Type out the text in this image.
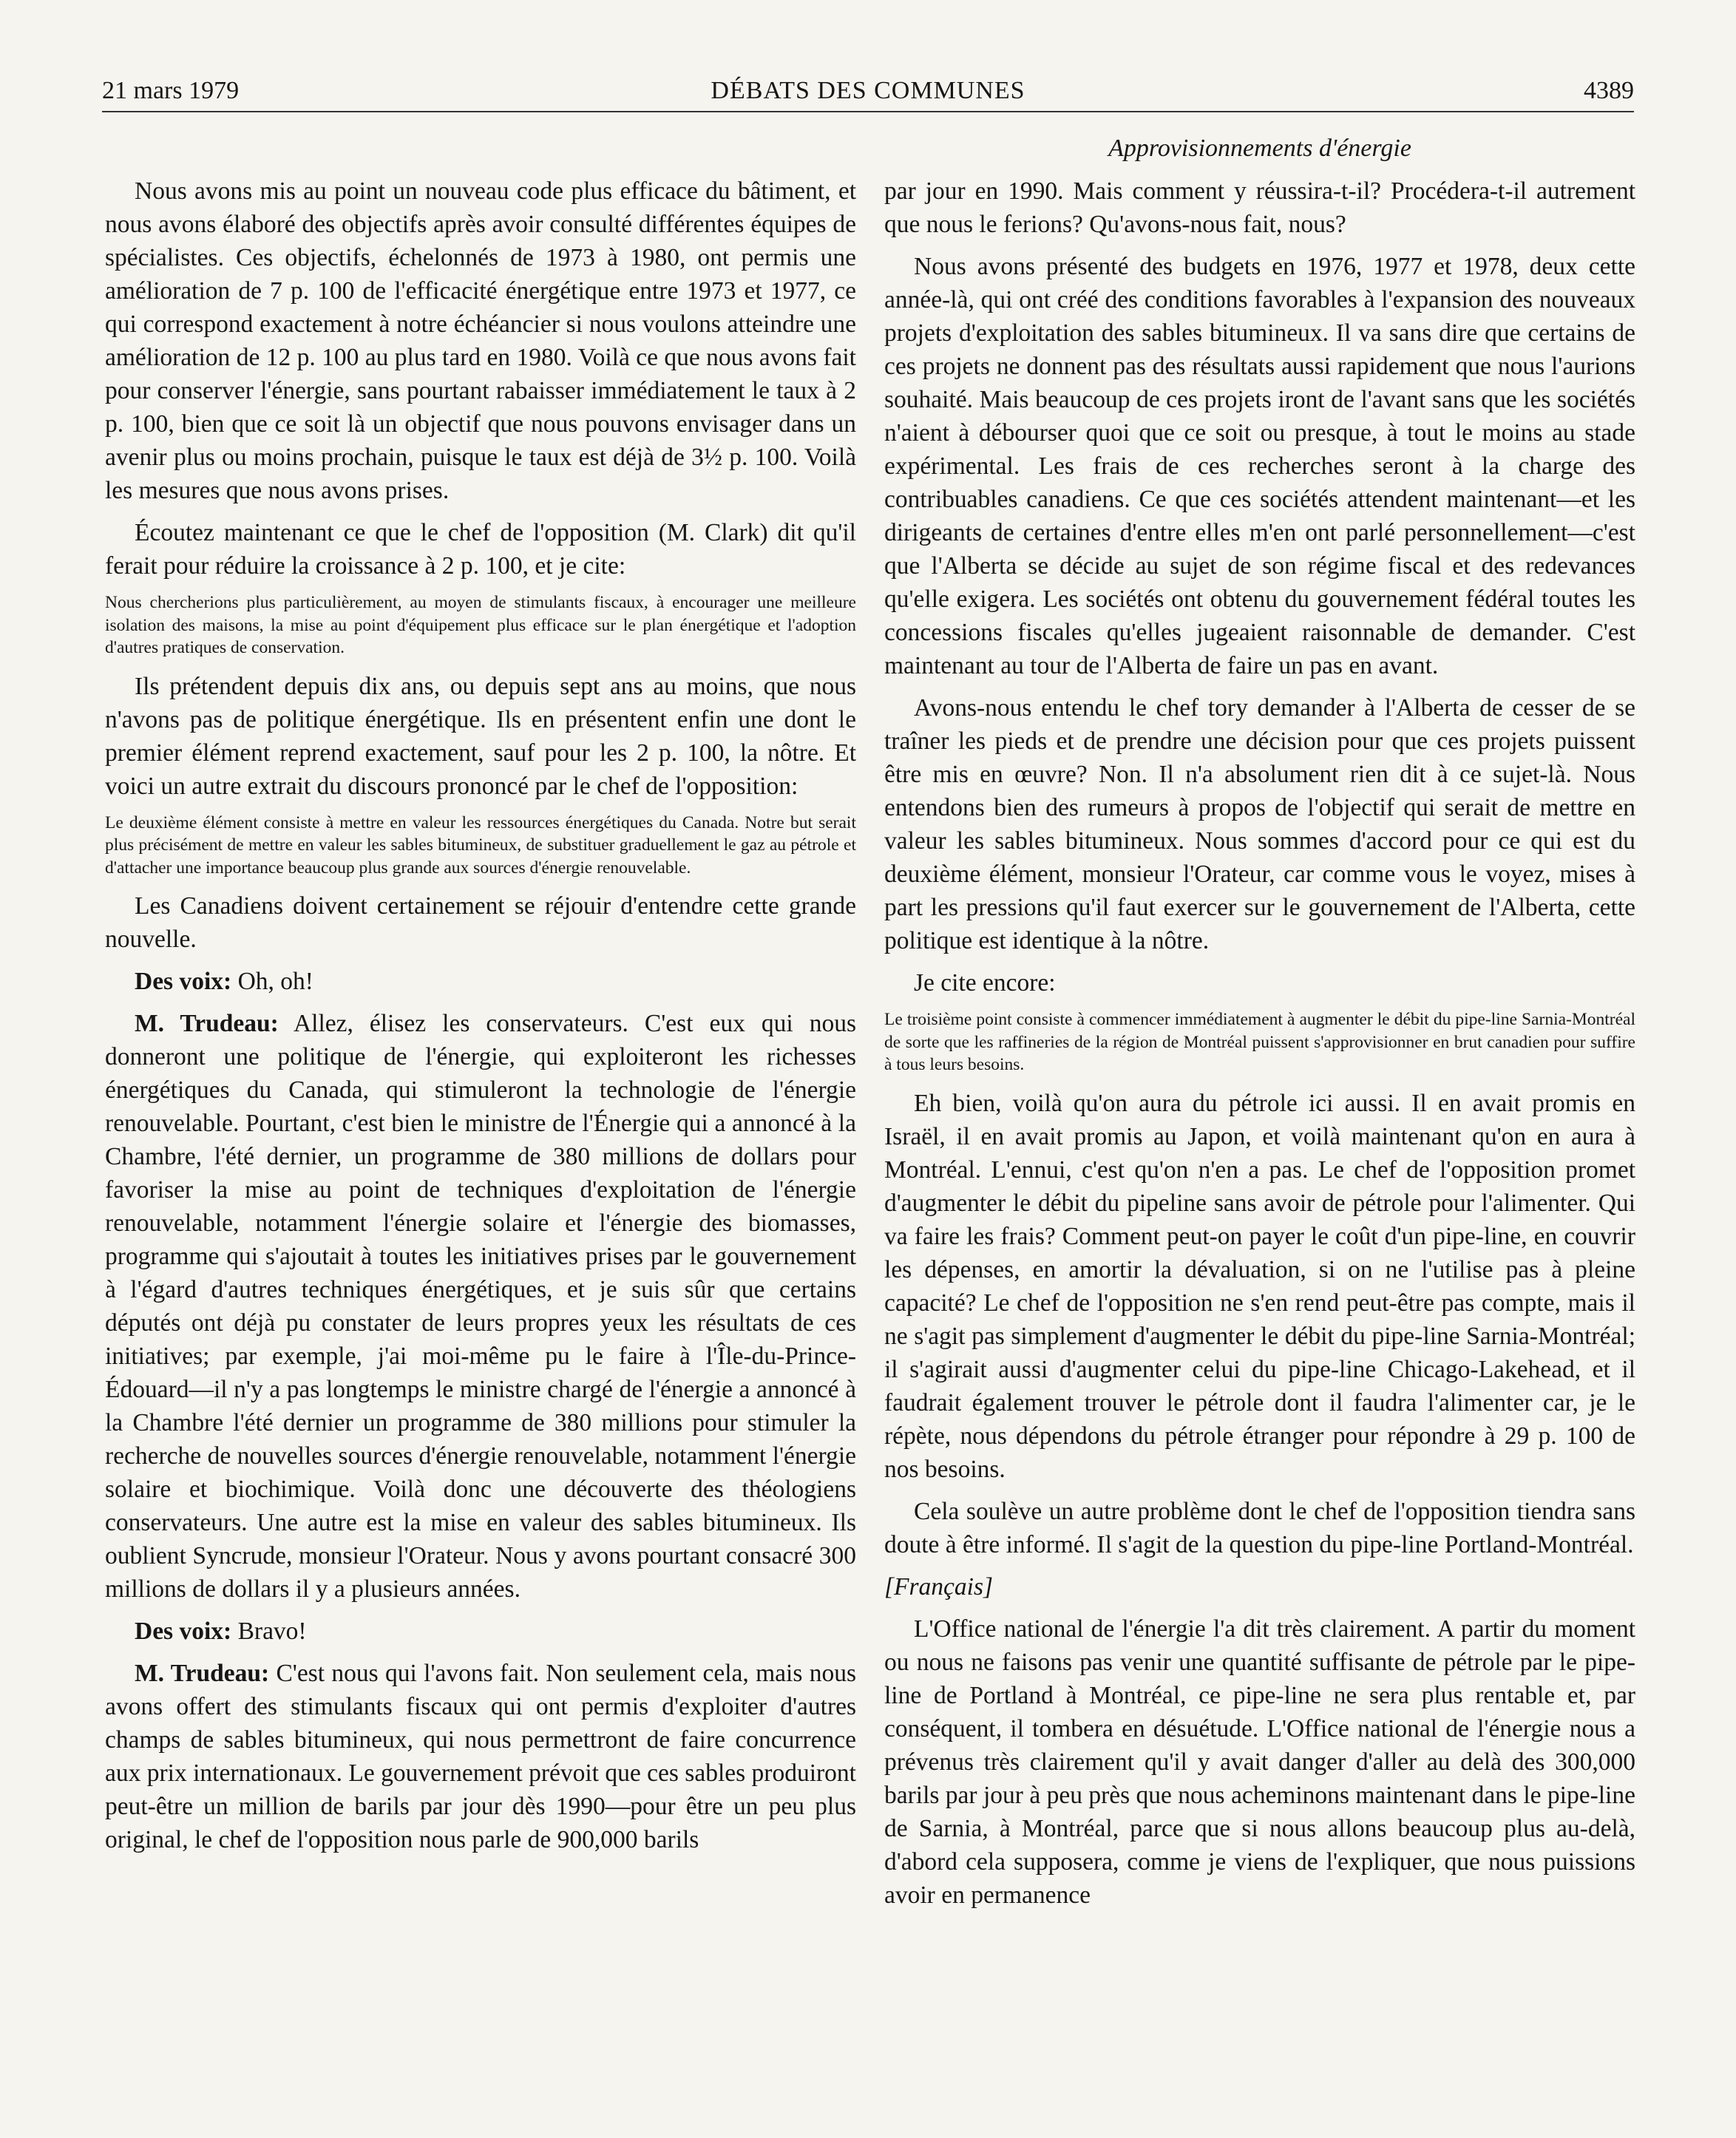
21 mars 1979	DÉBATS DES COMMUNES	4389
Approvisionnements d'énergie

Nous avons mis au point un nouveau code plus efficace du bâtiment, et nous avons élaboré des objectifs après avoir consulté différentes équipes de spécialistes. Ces objectifs, échelonnés de 1973 à 1980, ont permis une amélioration de 7 p. 100 de l'efficacité énergétique entre 1973 et 1977, ce qui correspond exactement à notre échéancier si nous voulons atteindre une amélioration de 12 p. 100 au plus tard en 1980. Voilà ce que nous avons fait pour conserver l'énergie, sans pourtant rabaisser immédiatement le taux à 2 p. 100, bien que ce soit là un objectif que nous pouvons envisager dans un avenir plus ou moins prochain, puisque le taux est déjà de 3½ p. 100. Voilà les mesures que nous avons prises.

Écoutez maintenant ce que le chef de l'opposition (M. Clark) dit qu'il ferait pour réduire la croissance à 2 p. 100, et je cite:

Nous chercherions plus particulièrement, au moyen de stimulants fiscaux, à encourager une meilleure isolation des maisons, la mise au point d'équipement plus efficace sur le plan énergétique et l'adoption d'autres pratiques de conservation.

Ils prétendent depuis dix ans, ou depuis sept ans au moins, que nous n'avons pas de politique énergétique. Ils en présentent enfin une dont le premier élément reprend exactement, sauf pour les 2 p. 100, la nôtre. Et voici un autre extrait du discours prononcé par le chef de l'opposition:

Le deuxième élément consiste à mettre en valeur les ressources énergétiques du Canada. Notre but serait plus précisément de mettre en valeur les sables bitumineux, de substituer graduellement le gaz au pétrole et d'attacher une importance beaucoup plus grande aux sources d'énergie renouvelable.

Les Canadiens doivent certainement se réjouir d'entendre cette grande nouvelle.

Des voix: Oh, oh!

M. Trudeau: Allez, élisez les conservateurs. C'est eux qui nous donneront une politique de l'énergie, qui exploiteront les richesses énergétiques du Canada, qui stimuleront la technologie de l'énergie renouvelable. Pourtant, c'est bien le ministre de l'Énergie qui a annoncé à la Chambre, l'été dernier, un programme de 380 millions de dollars pour favoriser la mise au point de techniques d'exploitation de l'énergie renouvelable, notamment l'énergie solaire et l'énergie des biomasses, programme qui s'ajoutait à toutes les initiatives prises par le gouvernement à l'égard d'autres techniques énergétiques, et je suis sûr que certains députés ont déjà pu constater de leurs propres yeux les résultats de ces initiatives; par exemple, j'ai moi-même pu le faire à l'Île-du-Prince-Édouard—il n'y a pas longtemps le ministre chargé de l'énergie a annoncé à la Chambre l'été dernier un programme de 380 millions pour stimuler la recherche de nouvelles sources d'énergie renouvelable, notamment l'énergie solaire et biochimique. Voilà donc une découverte des théologiens conservateurs. Une autre est la mise en valeur des sables bitumineux. Ils oublient Syncrude, monsieur l'Orateur. Nous y avons pourtant consacré 300 millions de dollars il y a plusieurs années.

Des voix: Bravo!

M. Trudeau: C'est nous qui l'avons fait. Non seulement cela, mais nous avons offert des stimulants fiscaux qui ont permis d'exploiter d'autres champs de sables bitumineux, qui nous permettront de faire concurrence aux prix internationaux. Le gouvernement prévoit que ces sables produiront peut-être un million de barils par jour dès 1990—pour être un peu plus original, le chef de l'opposition nous parle de 900,000 barils

par jour en 1990. Mais comment y réussira-t-il? Procédera-t-il autrement que nous le ferions? Qu'avons-nous fait, nous?

Nous avons présenté des budgets en 1976, 1977 et 1978, deux cette année-là, qui ont créé des conditions favorables à l'expansion des nouveaux projets d'exploitation des sables bitumineux. Il va sans dire que certains de ces projets ne donnent pas des résultats aussi rapidement que nous l'aurions souhaité. Mais beaucoup de ces projets iront de l'avant sans que les sociétés n'aient à débourser quoi que ce soit ou presque, à tout le moins au stade expérimental. Les frais de ces recherches seront à la charge des contribuables canadiens. Ce que ces sociétés attendent maintenant—et les dirigeants de certaines d'entre elles m'en ont parlé personnellement—c'est que l'Alberta se décide au sujet de son régime fiscal et des redevances qu'elle exigera. Les sociétés ont obtenu du gouvernement fédéral toutes les concessions fiscales qu'elles jugeaient raisonnable de demander. C'est maintenant au tour de l'Alberta de faire un pas en avant.

Avons-nous entendu le chef tory demander à l'Alberta de cesser de se traîner les pieds et de prendre une décision pour que ces projets puissent être mis en œuvre? Non. Il n'a absolument rien dit à ce sujet-là. Nous entendons bien des rumeurs à propos de l'objectif qui serait de mettre en valeur les sables bitumineux. Nous sommes d'accord pour ce qui est du deuxième élément, monsieur l'Orateur, car comme vous le voyez, mises à part les pressions qu'il faut exercer sur le gouvernement de l'Alberta, cette politique est identique à la nôtre.

Je cite encore:

Le troisième point consiste à commencer immédiatement à augmenter le débit du pipe-line Sarnia-Montréal de sorte que les raffineries de la région de Montréal puissent s'approvisionner en brut canadien pour suffire à tous leurs besoins.

Eh bien, voilà qu'on aura du pétrole ici aussi. Il en avait promis en Israël, il en avait promis au Japon, et voilà maintenant qu'on en aura à Montréal. L'ennui, c'est qu'on n'en a pas. Le chef de l'opposition promet d'augmenter le débit du pipeline sans avoir de pétrole pour l'alimenter. Qui va faire les frais? Comment peut-on payer le coût d'un pipe-line, en couvrir les dépenses, en amortir la dévaluation, si on ne l'utilise pas à pleine capacité? Le chef de l'opposition ne s'en rend peut-être pas compte, mais il ne s'agit pas simplement d'augmenter le débit du pipe-line Sarnia-Montréal; il s'agirait aussi d'augmenter celui du pipe-line Chicago-Lakehead, et il faudrait également trouver le pétrole dont il faudra l'alimenter car, je le répète, nous dépendons du pétrole étranger pour répondre à 29 p. 100 de nos besoins.

Cela soulève un autre problème dont le chef de l'opposition tiendra sans doute à être informé. Il s'agit de la question du pipe-line Portland-Montréal.

[Français]

L'Office national de l'énergie l'a dit très clairement. A partir du moment ou nous ne faisons pas venir une quantité suffisante de pétrole par le pipe-line de Portland à Montréal, ce pipe-line ne sera plus rentable et, par conséquent, il tombera en désuétude. L'Office national de l'énergie nous a prévenus très clairement qu'il y avait danger d'aller au delà des 300,000 barils par jour à peu près que nous acheminons maintenant dans le pipe-line de Sarnia, à Montréal, parce que si nous allons beaucoup plus au-delà, d'abord cela supposera, comme je viens de l'expliquer, que nous puissions avoir en permanence
